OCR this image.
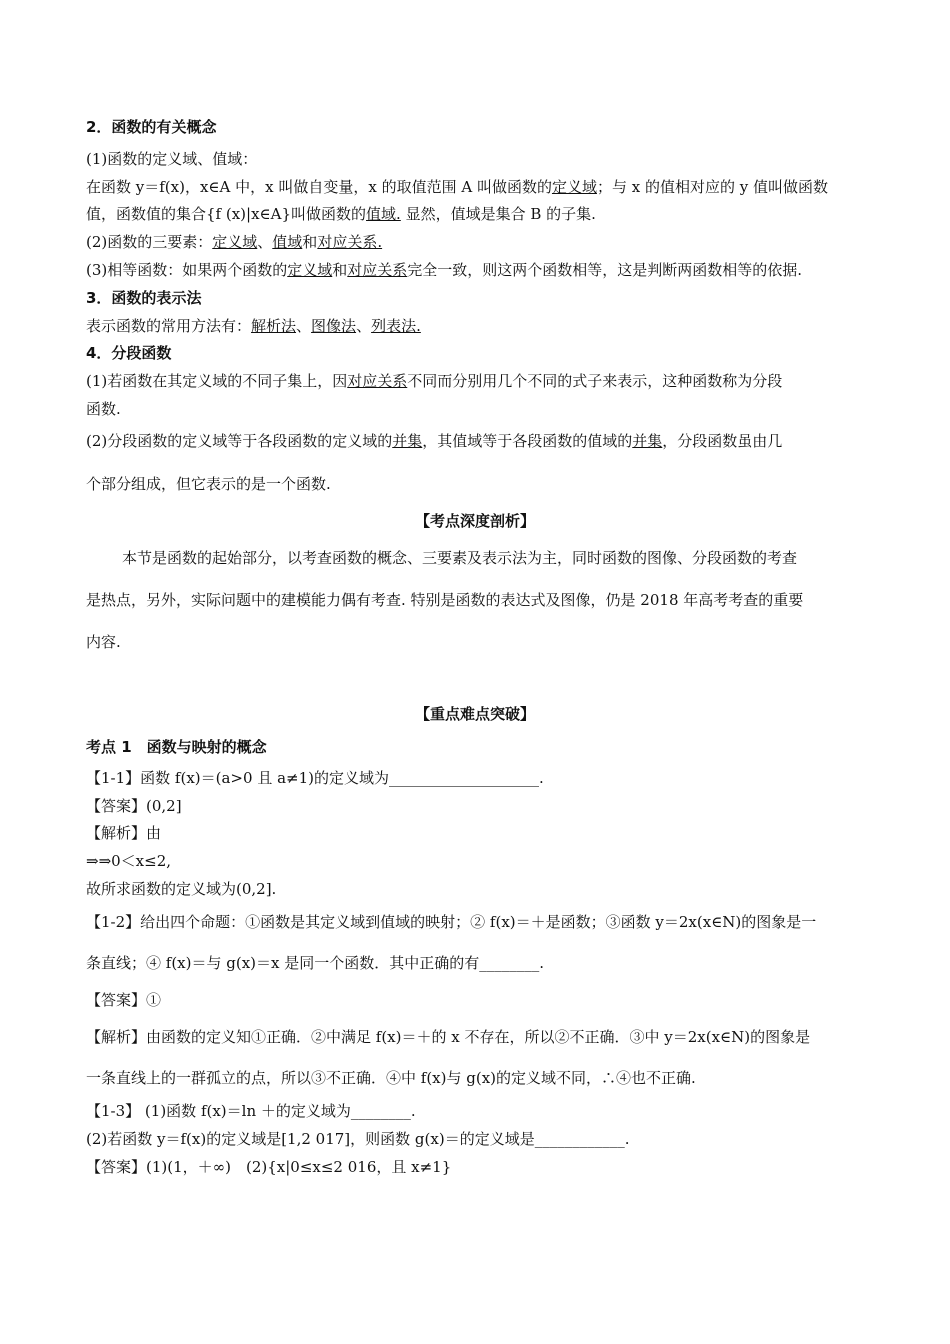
2．函数的有关概念
(1)函数的定义域、值域：
在函数 y＝f(x)，x∈A 中，x 叫做自变量，x 的取值范围 A 叫做函数的定义域；与 x 的值相对应的 y 值叫做函数
值，函数值的集合{f (x)|x∈A}叫做函数的值域. 显然，值域是集合 B 的子集.
(2)函数的三要素：定义域、值域和对应关系.
(3)相等函数：如果两个函数的定义域和对应关系完全一致，则这两个函数相等，这是判断两函数相等的依据.
3．函数的表示法
表示函数的常用方法有：解析法、图像法、列表法.
4．分段函数
(1)若函数在其定义域的不同子集上，因对应关系不同而分别用几个不同的式子来表示，这种函数称为分段
函数.
(2)分段函数的定义域等于各段函数的定义域的并集，其值域等于各段函数的值域的并集，分段函数虽由几
个部分组成，但它表示的是一个函数.
【考点深度剖析】
本节是函数的起始部分，以考查函数的概念、三要素及表示法为主，同时函数的图像、分段函数的考查
是热点，另外，实际问题中的建模能力偶有考查. 特别是函数的表达式及图像，仍是 2018 年高考考查的重要
内容.
【重点难点突破】
考点 1　函数与映射的概念
【1-1】函数 f(x)＝(a>0 且 a≠1)的定义域为____________________.
【答案】(0,2]
【解析】由
⇒⇒0＜x≤2,
故所求函数的定义域为(0,2].
【1-2】给出四个命题：①函数是其定义域到值域的映射；② f(x)＝＋是函数；③函数 y＝2x(x∈N)的图象是一
条直线；④ f(x)＝与 g(x)＝x 是同一个函数．其中正确的有________.
【答案】①
【解析】由函数的定义知①正确．②中满足 f(x)＝＋的 x 不存在，所以②不正确．③中 y＝2x(x∈N)的图象是
一条直线上的一群孤立的点，所以③不正确．④中 f(x)与 g(x)的定义域不同，∴④也不正确.
【1-3】 (1)函数 f(x)＝ln ＋的定义域为________.
(2)若函数 y＝f(x)的定义域是[1,2 017]，则函数 g(x)＝的定义域是____________.
【答案】(1)(1，＋∞)　(2){x|0≤x≤2 016，且 x≠1}
